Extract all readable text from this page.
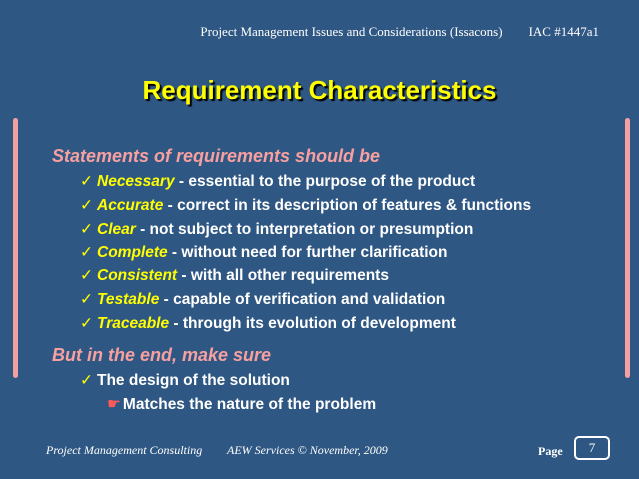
Project Management Issues and Considerations (Issacons) IAC #1447a1
Requirement Characteristics
Statements of requirements should be
✓ Necessary - essential to the purpose of the product
✓ Accurate - correct in its description of features & functions
✓ Clear - not subject to interpretation or presumption
✓ Complete - without need for further clarification
✓ Consistent - with all other requirements
✓ Testable - capable of verification and validation
✓ Traceable - through its evolution of development
But in the end, make sure
✓ The design of the solution
☛ Matches the nature of the problem
Project Management Consulting AEW Services © November, 2009	Page	7
